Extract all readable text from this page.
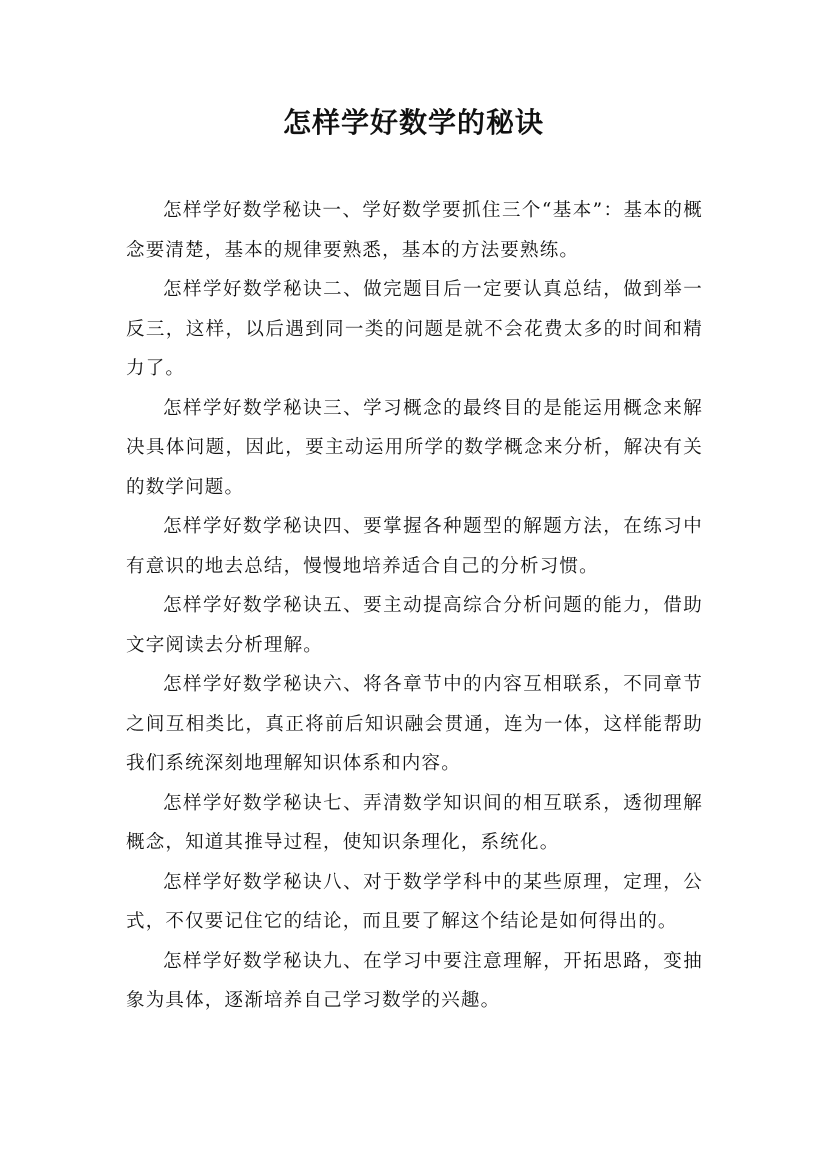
怎样学好数学的秘诀

怎样学好数学秘诀一、学好数学要抓住三个“基本”：基本的概念要清楚，基本的规律要熟悉，基本的方法要熟练。

怎样学好数学秘诀二、做完题目后一定要认真总结，做到举一反三，这样，以后遇到同一类的问题是就不会花费太多的时间和精力了。

怎样学好数学秘诀三、学习概念的最终目的是能运用概念来解决具体问题，因此，要主动运用所学的数学概念来分析，解决有关的数学问题。

怎样学好数学秘诀四、要掌握各种题型的解题方法，在练习中有意识的地去总结，慢慢地培养适合自己的分析习惯。

怎样学好数学秘诀五、要主动提高综合分析问题的能力，借助文字阅读去分析理解。

怎样学好数学秘诀六、将各章节中的内容互相联系，不同章节之间互相类比，真正将前后知识融会贯通，连为一体，这样能帮助我们系统深刻地理解知识体系和内容。

怎样学好数学秘诀七、弄清数学知识间的相互联系，透彻理解概念，知道其推导过程，使知识条理化，系统化。

怎样学好数学秘诀八、对于数学学科中的某些原理，定理，公式，不仅要记住它的结论，而且要了解这个结论是如何得出的。

怎样学好数学秘诀九、在学习中要注意理解，开拓思路，变抽象为具体，逐渐培养自己学习数学的兴趣。
